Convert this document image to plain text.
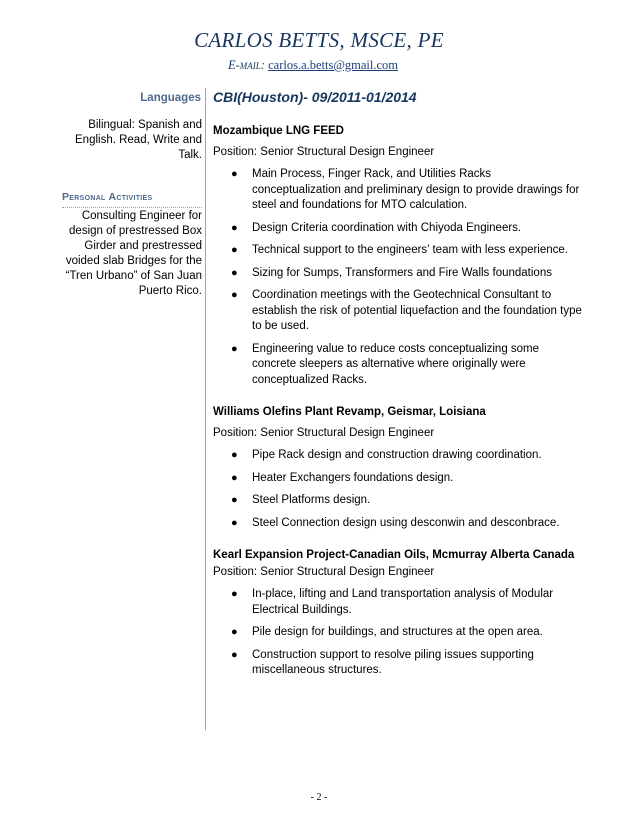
CARLOS BETTS, MSCE, PE
E-mail: carlos.a.betts@gmail.com
Languages
Bilingual: Spanish and English. Read, Write and Talk.
Personal Activities
Consulting Engineer for design of prestressed Box Girder and prestressed voided slab Bridges for the “Tren Urbano” of San Juan Puerto Rico.
CBI(Houston)- 09/2011-01/2014
Mozambique LNG FEED
Position: Senior Structural Design Engineer
● Main Process, Finger Rack, and Utilities Racks conceptualization and preliminary design to provide drawings for steel and foundations for MTO calculation.
● Design Criteria coordination with Chiyoda Engineers.
● Technical support to the engineers’ team with less experience.
● Sizing for Sumps, Transformers and Fire Walls foundations
● Coordination meetings with the Geotechnical Consultant to establish the risk of potential liquefaction and the foundation type to be used.
● Engineering value to reduce costs conceptualizing some concrete sleepers as alternative where originally were conceptualized Racks.
Williams Olefins Plant Revamp, Geismar, Loisiana
Position: Senior Structural Design Engineer
● Pipe Rack design and construction drawing coordination.
● Heater Exchangers foundations design.
● Steel Platforms design.
● Steel Connection design using desconwin and desconbrace.
Kearl Expansion Project-Canadian Oils, Mcmurray Alberta Canada
Position: Senior Structural Design Engineer
● In-place, lifting and Land transportation analysis of Modular Electrical Buildings.
● Pile design for buildings, and structures at the open area.
● Construction support to resolve piling issues supporting miscellaneous structures.
- 2 -
